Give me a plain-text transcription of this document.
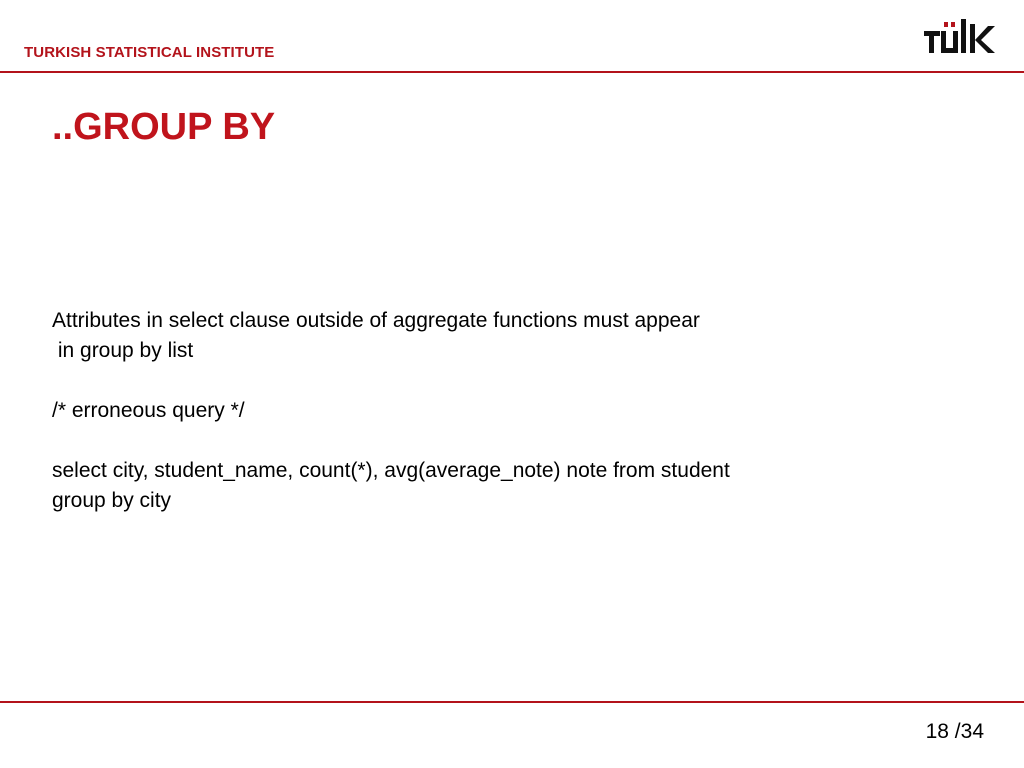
TURKISH STATISTICAL INSTITUTE
..GROUP BY
Attributes in select clause outside of aggregate functions must appear
in group by list
/* erroneous query */
select city, student_name, count(*), avg(average_note) note from student
group by city
18 /34
